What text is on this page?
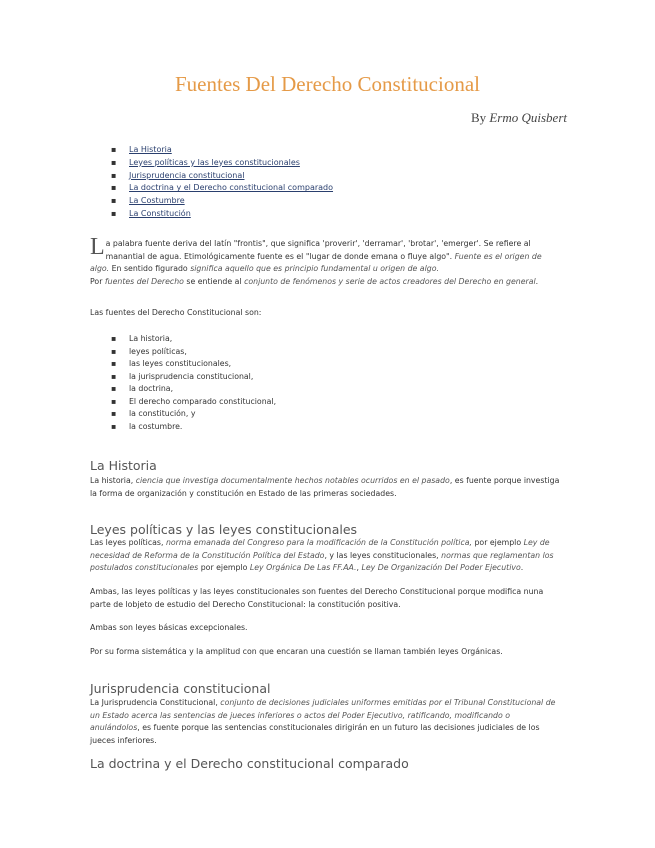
Fuentes Del Derecho Constitucional
By Ermo Quisbert
▪ La Historia
▪ Leyes políticas y las leyes constitucionales
▪ Jurisprudencia constitucional
▪ La doctrina y el Derecho constitucional comparado
▪ La Costumbre
▪ La Constitución
La palabra fuente deriva del latín "frontis", que significa 'proverir', 'derramar', 'brotar', 'emerger'. Se refiere al manantial de agua. Etimológicamente fuente es el "lugar de donde emana o fluye algo". Fuente es el origen de algo. En sentido figurado significa aquello que es principio fundamental u origen de algo.
Por fuentes del Derecho se entiende al conjunto de fenómenos y serie de actos creadores del Derecho en general.

Las fuentes del Derecho Constitucional son:

▪ La historia,
▪ leyes políticas,
▪ las leyes constitucionales,
▪ la jurisprudencia constitucional,
▪ la doctrina,
▪ El derecho comparado constitucional,
▪ la constitución, y
▪ la costumbre.
La Historia

La historia, ciencia que investiga documentalmente hechos notables ocurridos en el pasado, es fuente porque investiga la forma de organización y constitución en Estado de las primeras sociedades.

Leyes políticas y las leyes constitucionales

Las leyes políticas, norma emanada del Congreso para la modificación de la Constitución política, por ejemplo Ley de necesidad de Reforma de la Constitución Política del Estado, y las leyes constitucionales, normas que reglamentan los postulados constitucionales por ejemplo Ley Orgánica De Las FF.AA., Ley De Organización Del Poder Ejecutivo.

Ambas, las leyes políticas y las leyes constitucionales son fuentes del Derecho Constitucional porque modifica nuna parte de lobjeto de estudio del Derecho Constitucional: la constitución positiva.

Ambas son leyes básicas excepcionales.

Por su forma sistemática y la amplitud con que encaran una cuestión se llaman también leyes Orgánicas.

Jurisprudencia constitucional

La Jurisprudencia Constitucional, conjunto de decisiones judiciales uniformes emitidas por el Tribunal Constitucional de un Estado acerca las sentencias de jueces inferiores o actos del Poder Ejecutivo, ratificando, modificando o anulándolos, es fuente porque las sentencias constitucionales dirigirán en un futuro las decisiones judiciales de los jueces inferiores.

La doctrina y el Derecho constitucional comparado
